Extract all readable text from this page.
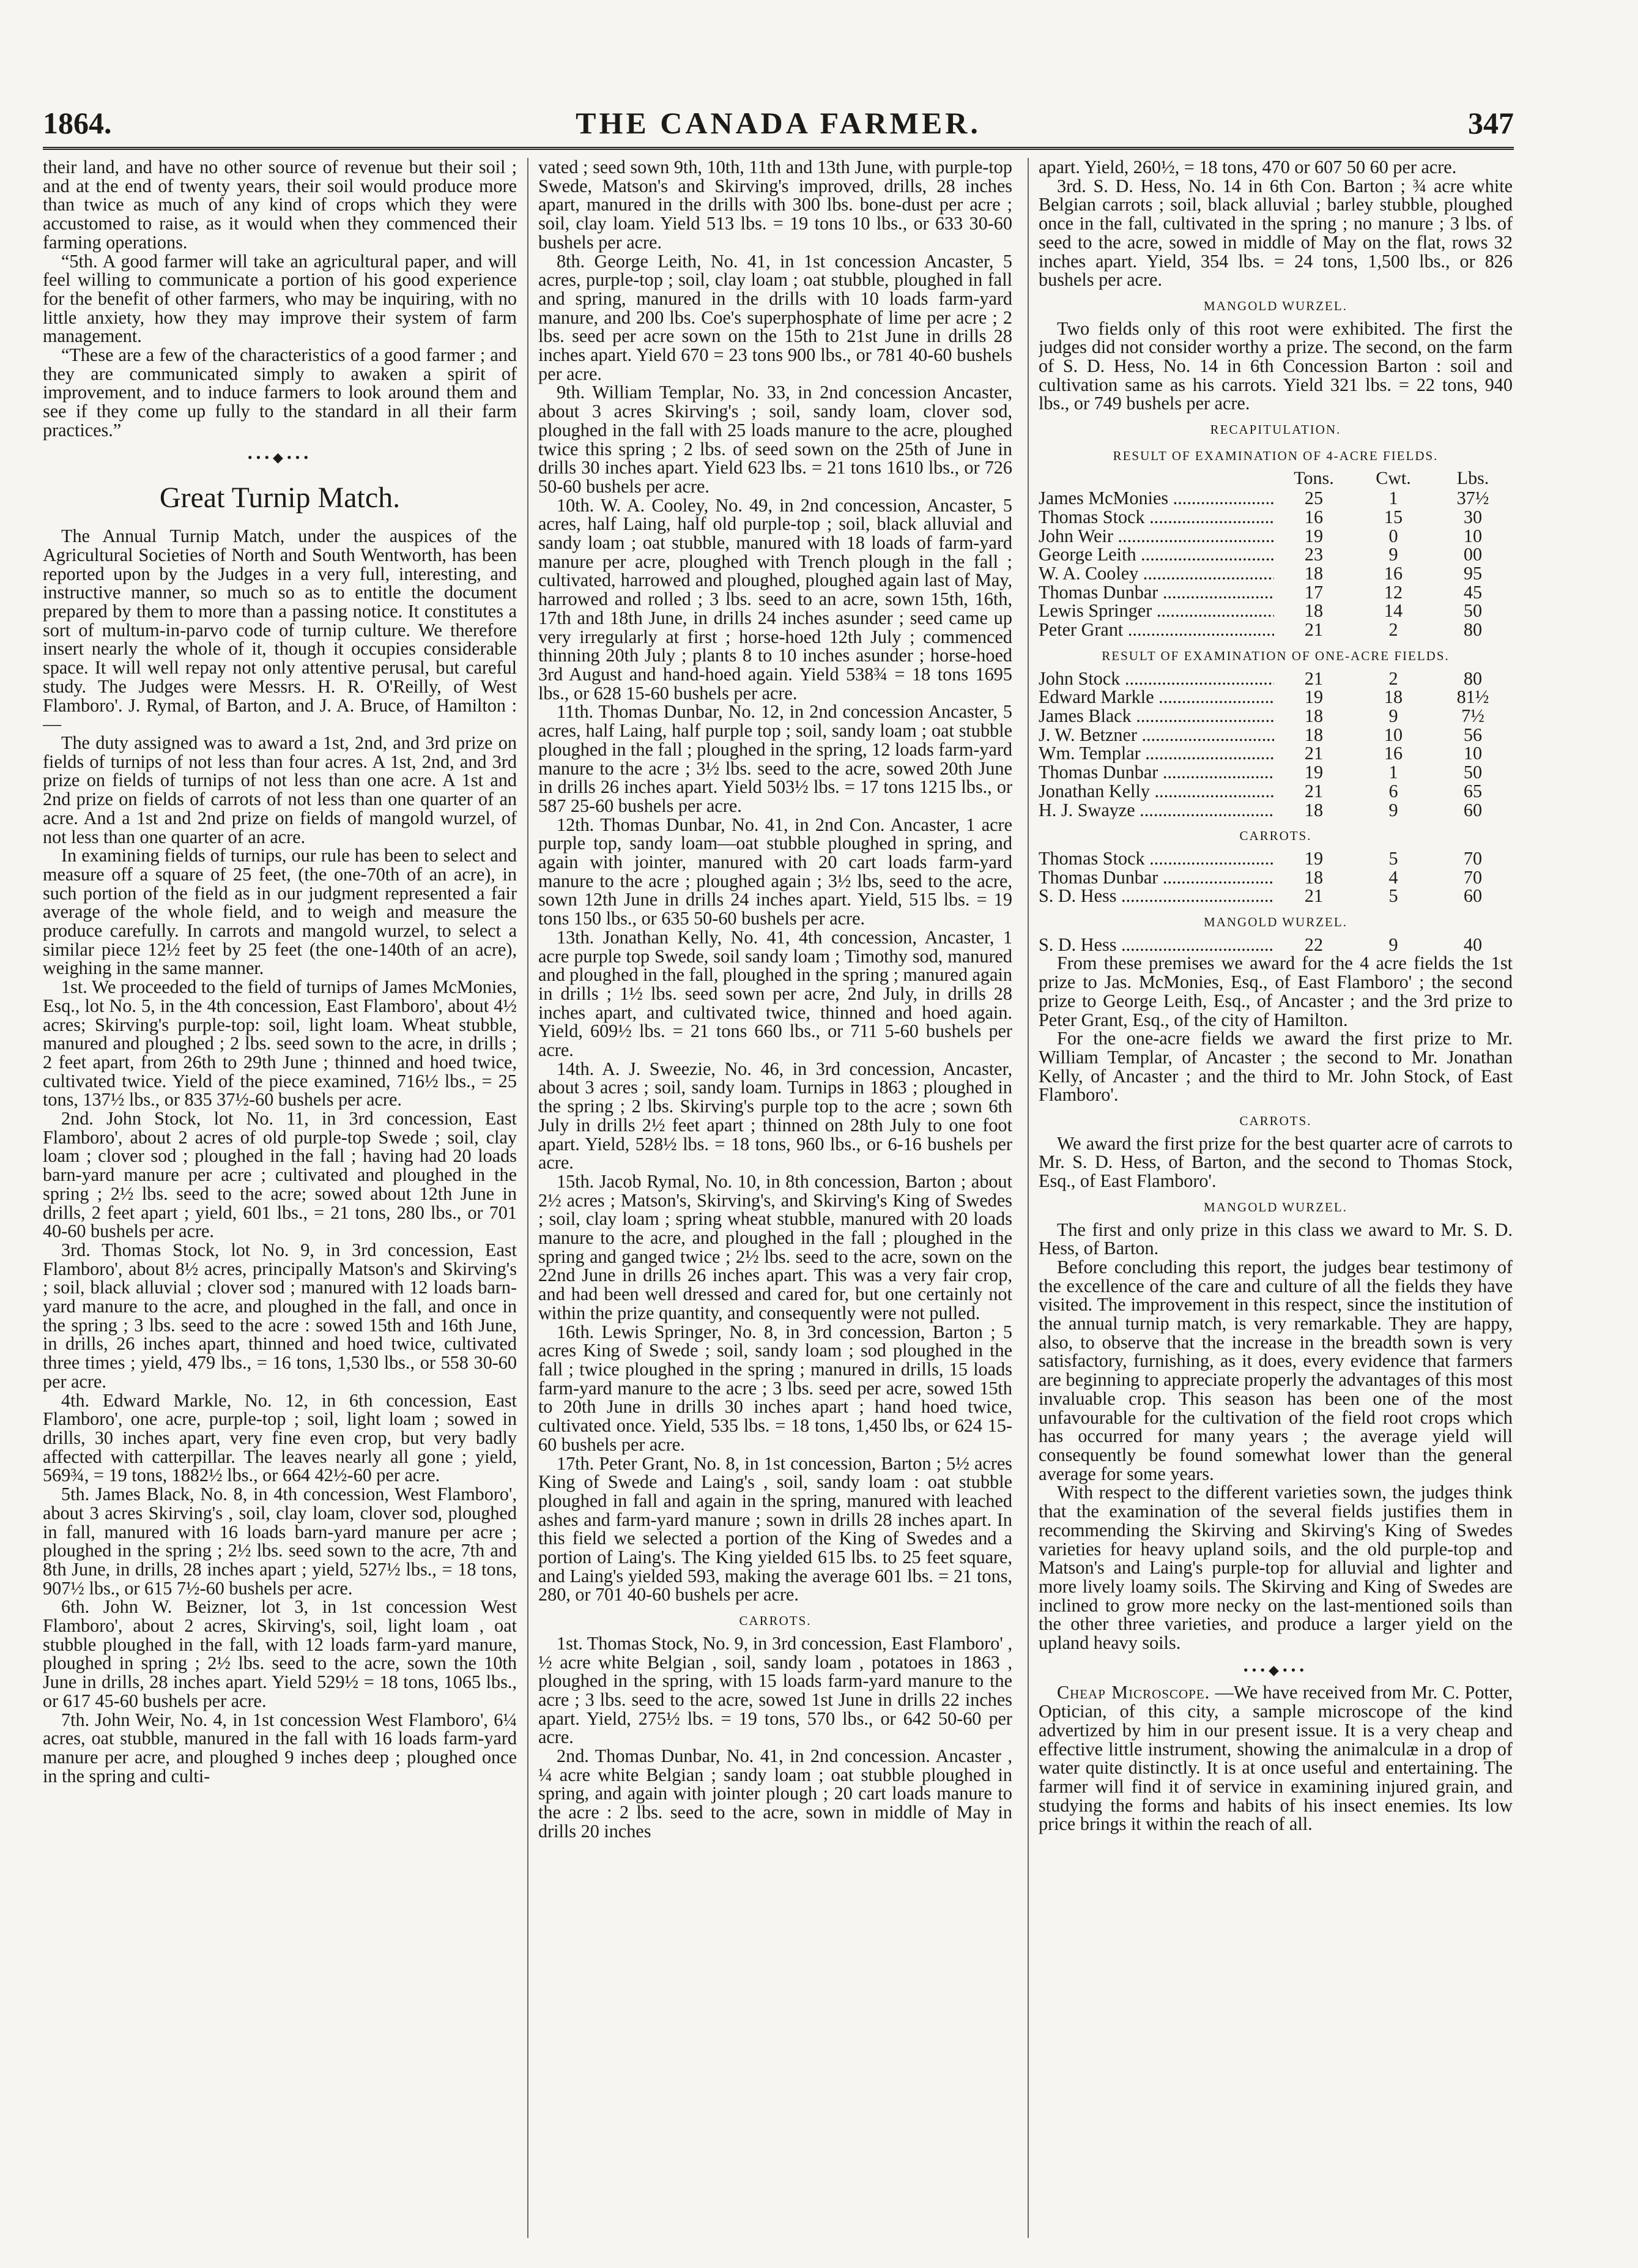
1864.	THE CANADA FARMER.	347

their land, and have no other source of revenue but their soil ; and at the end of twenty years, their soil would produce more than twice as much of any kind of crops which they were accustomed to raise, as it would when they commenced their farming operations.

“5th. A good farmer will take an agricultural paper, and will feel willing to communicate a portion of his good experience for the benefit of other farmers, who may be inquiring, with no little anxiety, how they may improve their system of farm management.

“These are a few of the characteristics of a good farmer ; and they are communicated simply to awaken a spirit of improvement, and to induce farmers to look around them and see if they come up fully to the standard in all their farm practices.”

•••◆•••
Great Turnip Match.

The Annual Turnip Match, under the auspices of the Agricultural Societies of North and South Wentworth, has been reported upon by the Judges in a very full, interesting, and instructive manner, so much so as to entitle the document prepared by them to more than a passing notice. It constitutes a sort of multum-in-parvo code of turnip culture. We therefore insert nearly the whole of it, though it occupies considerable space. It will well repay not only attentive perusal, but careful study. The Judges were Messrs. H. R. O'Reilly, of West Flamboro'. J. Rymal, of Barton, and J. A. Bruce, of Hamilton :—

The duty assigned was to award a 1st, 2nd, and 3rd prize on fields of turnips of not less than four acres. A 1st, 2nd, and 3rd prize on fields of turnips of not less than one acre. A 1st and 2nd prize on fields of carrots of not less than one quarter of an acre. And a 1st and 2nd prize on fields of mangold wurzel, of not less than one quarter of an acre.

In examining fields of turnips, our rule has been to select and measure off a square of 25 feet, (the one-70th of an acre), in such portion of the field as in our judgment represented a fair average of the whole field, and to weigh and measure the produce carefully. In carrots and mangold wurzel, to select a similar piece 12½ feet by 25 feet (the one-140th of an acre), weighing in the same manner.

1st. We proceeded to the field of turnips of James McMonies, Esq., lot No. 5, in the 4th concession, East Flamboro', about 4½ acres; Skirving's purple-top: soil, light loam. Wheat stubble, manured and ploughed ; 2 lbs. seed sown to the acre, in drills ; 2 feet apart, from 26th to 29th June ; thinned and hoed twice, cultivated twice. Yield of the piece examined, 716½ lbs., = 25 tons, 137½ lbs., or 835 37½-60 bushels per acre.

2nd. John Stock, lot No. 11, in 3rd concession, East Flamboro', about 2 acres of old purple-top Swede ; soil, clay loam ; clover sod ; ploughed in the fall ; having had 20 loads barn-yard manure per acre ; cultivated and ploughed in the spring ; 2½ lbs. seed to the acre; sowed about 12th June in drills, 2 feet apart ; yield, 601 lbs., = 21 tons, 280 lbs., or 701 40-60 bushels per acre.

3rd. Thomas Stock, lot No. 9, in 3rd concession, East Flamboro', about 8½ acres, principally Matson's and Skirving's ; soil, black alluvial ; clover sod ; manured with 12 loads barn-yard manure to the acre, and ploughed in the fall, and once in the spring ; 3 lbs. seed to the acre : sowed 15th and 16th June, in drills, 26 inches apart, thinned and hoed twice, cultivated three times ; yield, 479 lbs., = 16 tons, 1,530 lbs., or 558 30-60 per acre.

4th. Edward Markle, No. 12, in 6th concession, East Flamboro', one acre, purple-top ; soil, light loam ; sowed in drills, 30 inches apart, very fine even crop, but very badly affected with catterpillar. The leaves nearly all gone ; yield, 569¾, = 19 tons, 1882½ lbs., or 664 42½-60 per acre.

5th. James Black, No. 8, in 4th concession, West Flamboro', about 3 acres Skirving's , soil, clay loam, clover sod, ploughed in fall, manured with 16 loads barn-yard manure per acre ; ploughed in the spring ; 2½ lbs. seed sown to the acre, 7th and 8th June, in drills, 28 inches apart ; yield, 527½ lbs., = 18 tons, 907½ lbs., or 615 7½-60 bushels per acre.

6th. John W. Beizner, lot 3, in 1st concession West Flamboro', about 2 acres, Skirving's, soil, light loam , oat stubble ploughed in the fall, with 12 loads farm-yard manure, ploughed in spring ; 2½ lbs. seed to the acre, sown the 10th June in drills, 28 inches apart. Yield 529½ = 18 tons, 1065 lbs., or 617 45-60 bushels per acre.

7th. John Weir, No. 4, in 1st concession West Flamboro', 6¼ acres, oat stubble, manured in the fall with 16 loads farm-yard manure per acre, and ploughed 9 inches deep ; ploughed once in the spring and culti-

vated ; seed sown 9th, 10th, 11th and 13th June, with purple-top Swede, Matson's and Skirving's improved, drills, 28 inches apart, manured in the drills with 300 lbs. bone-dust per acre ; soil, clay loam. Yield 513 lbs. = 19 tons 10 lbs., or 633 30-60 bushels per acre.

8th. George Leith, No. 41, in 1st concession Ancaster, 5 acres, purple-top ; soil, clay loam ; oat stubble, ploughed in fall and spring, manured in the drills with 10 loads farm-yard manure, and 200 lbs. Coe's superphosphate of lime per acre ; 2 lbs. seed per acre sown on the 15th to 21st June in drills 28 inches apart. Yield 670 = 23 tons 900 lbs., or 781 40-60 bushels per acre.

9th. William Templar, No. 33, in 2nd concession Ancaster, about 3 acres Skirving's ; soil, sandy loam, clover sod, ploughed in the fall with 25 loads manure to the acre, ploughed twice this spring ; 2 lbs. of seed sown on the 25th of June in drills 30 inches apart. Yield 623 lbs. = 21 tons 1610 lbs., or 726 50-60 bushels per acre.

10th. W. A. Cooley, No. 49, in 2nd concession, Ancaster, 5 acres, half Laing, half old purple-top ; soil, black alluvial and sandy loam ; oat stubble, manured with 18 loads of farm-yard manure per acre, ploughed with Trench plough in the fall ; cultivated, harrowed and ploughed, ploughed again last of May, harrowed and rolled ; 3 lbs. seed to an acre, sown 15th, 16th, 17th and 18th June, in drills 24 inches asunder ; seed came up very irregularly at first ; horse-hoed 12th July ; commenced thinning 20th July ; plants 8 to 10 inches asunder ; horse-hoed 3rd August and hand-hoed again. Yield 538¾ = 18 tons 1695 lbs., or 628 15-60 bushels per acre.

11th. Thomas Dunbar, No. 12, in 2nd concession Ancaster, 5 acres, half Laing, half purple top ; soil, sandy loam ; oat stubble ploughed in the fall ; ploughed in the spring, 12 loads farm-yard manure to the acre ; 3½ lbs. seed to the acre, sowed 20th June in drills 26 inches apart. Yield 503½ lbs. = 17 tons 1215 lbs., or 587 25-60 bushels per acre.

12th. Thomas Dunbar, No. 41, in 2nd Con. Ancaster, 1 acre purple top, sandy loam—oat stubble ploughed in spring, and again with jointer, manured with 20 cart loads farm-yard manure to the acre ; ploughed again ; 3½ lbs, seed to the acre, sown 12th June in drills 24 inches apart. Yield, 515 lbs. = 19 tons 150 lbs., or 635 50-60 bushels per acre.

13th. Jonathan Kelly, No. 41, 4th concession, Ancaster, 1 acre purple top Swede, soil sandy loam ; Timothy sod, manured and ploughed in the fall, ploughed in the spring ; manured again in drills ; 1½ lbs. seed sown per acre, 2nd July, in drills 28 inches apart, and cultivated twice, thinned and hoed again. Yield, 609½ lbs. = 21 tons 660 lbs., or 711 5-60 bushels per acre.

14th. A. J. Sweezie, No. 46, in 3rd concession, Ancaster, about 3 acres ; soil, sandy loam. Turnips in 1863 ; ploughed in the spring ; 2 lbs. Skirving's purple top to the acre ; sown 6th July in drills 2½ feet apart ; thinned on 28th July to one foot apart. Yield, 528½ lbs. = 18 tons, 960 lbs., or 6-16 bushels per acre.

15th. Jacob Rymal, No. 10, in 8th concession, Barton ; about 2½ acres ; Matson's, Skirving's, and Skirving's King of Swedes ; soil, clay loam ; spring wheat stubble, manured with 20 loads manure to the acre, and ploughed in the fall ; ploughed in the spring and ganged twice ; 2½ lbs. seed to the acre, sown on the 22nd June in drills 26 inches apart. This was a very fair crop, and had been well dressed and cared for, but one certainly not within the prize quantity, and consequently were not pulled.

16th. Lewis Springer, No. 8, in 3rd concession, Barton ; 5 acres King of Swede ; soil, sandy loam ; sod ploughed in the fall ; twice ploughed in the spring ; manured in drills, 15 loads farm-yard manure to the acre ; 3 lbs. seed per acre, sowed 15th to 20th June in drills 30 inches apart ; hand hoed twice, cultivated once. Yield, 535 lbs. = 18 tons, 1,450 lbs, or 624 15-60 bushels per acre.

17th. Peter Grant, No. 8, in 1st concession, Barton ; 5½ acres King of Swede and Laing's , soil, sandy loam : oat stubble ploughed in fall and again in the spring, manured with leached ashes and farm-yard manure ; sown in drills 28 inches apart. In this field we selected a portion of the King of Swedes and a portion of Laing's. The King yielded 615 lbs. to 25 feet square, and Laing's yielded 593, making the average 601 lbs. = 21 tons, 280, or 701 40-60 bushels per acre.

CARROTS.

1st. Thomas Stock, No. 9, in 3rd concession, East Flamboro' , ½ acre white Belgian , soil, sandy loam , potatoes in 1863 , ploughed in the spring, with 15 loads farm-yard manure to the acre ; 3 lbs. seed to the acre, sowed 1st June in drills 22 inches apart. Yield, 275½ lbs. = 19 tons, 570 lbs., or 642 50-60 per acre.

2nd. Thomas Dunbar, No. 41, in 2nd concession. Ancaster , ¼ acre white Belgian ; sandy loam ; oat stubble ploughed in spring, and again with jointer plough ; 20 cart loads manure to the acre : 2 lbs. seed to the acre, sown in middle of May in drills 20 inches

apart. Yield, 260½, = 18 tons, 470 or 607 50 60 per acre.

3rd. S. D. Hess, No. 14 in 6th Con. Barton ; ¾ acre white Belgian carrots ; soil, black alluvial ; barley stubble, ploughed once in the fall, cultivated in the spring ; no manure ; 3 lbs. of seed to the acre, sowed in middle of May on the flat, rows 32 inches apart. Yield, 354 lbs. = 24 tons, 1,500 lbs., or 826 bushels per acre.

MANGOLD WURZEL.

Two fields only of this root were exhibited. The first the judges did not consider worthy a prize. The second, on the farm of S. D. Hess, No. 14 in 6th Concession Barton : soil and cultivation same as his carrots. Yield 321 lbs. = 22 tons, 940 lbs., or 749 bushels per acre.

RECAPITULATION.
RESULT OF EXAMINATION OF 4-ACRE FIELDS.
Tons.	Cwt.	Lbs.
James McMonies .....	25	1	37½
Thomas Stock .....	16	15	30
John Weir .....	19	0	10
George Leith .....	23	9	00
W. A. Cooley .....	18	16	95
Thomas Dunbar .....	17	12	45
Lewis Springer .....	18	14	50
Peter Grant .....	21	2	80
RESULT OF EXAMINATION OF ONE-ACRE FIELDS.
John Stock .....	21	2	80
Edward Markle .....	19	18	81½
James Black .....	18	9	7½
J. W. Betzner .....	18	10	56
Wm. Templar .....	21	16	10
Thomas Dunbar .....	19	1	50
Jonathan Kelly .....	21	6	65
H. J. Swayze .....	18	9	60
CARROTS.
Thomas Stock .....	19	5	70
Thomas Dunbar .....	18	4	70
S. D. Hess .....	21	5	60
MANGOLD WURZEL.
S. D. Hess .....	22	9	40

From these premises we award for the 4 acre fields the 1st prize to Jas. McMonies, Esq., of East Flamboro' ; the second prize to George Leith, Esq., of Ancaster ; and the 3rd prize to Peter Grant, Esq., of the city of Hamilton.

For the one-acre fields we award the first prize to Mr. William Templar, of Ancaster ; the second to Mr. Jonathan Kelly, of Ancaster ; and the third to Mr. John Stock, of East Flamboro'.

CARROTS.

We award the first prize for the best quarter acre of carrots to Mr. S. D. Hess, of Barton, and the second to Thomas Stock, Esq., of East Flamboro'.

MANGOLD WURZEL.

The first and only prize in this class we award to Mr. S. D. Hess, of Barton.

Before concluding this report, the judges bear testimony of the excellence of the care and culture of all the fields they have visited. The improvement in this respect, since the institution of the annual turnip match, is very remarkable. They are happy, also, to observe that the increase in the breadth sown is very satisfactory, furnishing, as it does, every evidence that farmers are beginning to appreciate properly the advantages of this most invaluable crop. This season has been one of the most unfavourable for the cultivation of the field root crops which has occurred for many years ; the average yield will consequently be found somewhat lower than the general average for some years.

With respect to the different varieties sown, the judges think that the examination of the several fields justifies them in recommending the Skirving and Skirving's King of Swedes varieties for heavy upland soils, and the old purple-top and Matson's and Laing's purple-top for alluvial and lighter and more lively loamy soils. The Skirving and King of Swedes are inclined to grow more necky on the last-mentioned soils than the other three varieties, and produce a larger yield on the upland heavy soils.

•••◆•••

Cheap Microscope. —We have received from Mr. C. Potter, Optician, of this city, a sample microscope of the kind advertized by him in our present issue. It is a very cheap and effective little instrument, showing the animalculæ in a drop of water quite distinctly. It is at once useful and entertaining. The farmer will find it of service in examining injured grain, and studying the forms and habits of his insect enemies. Its low price brings it within the reach of all.
